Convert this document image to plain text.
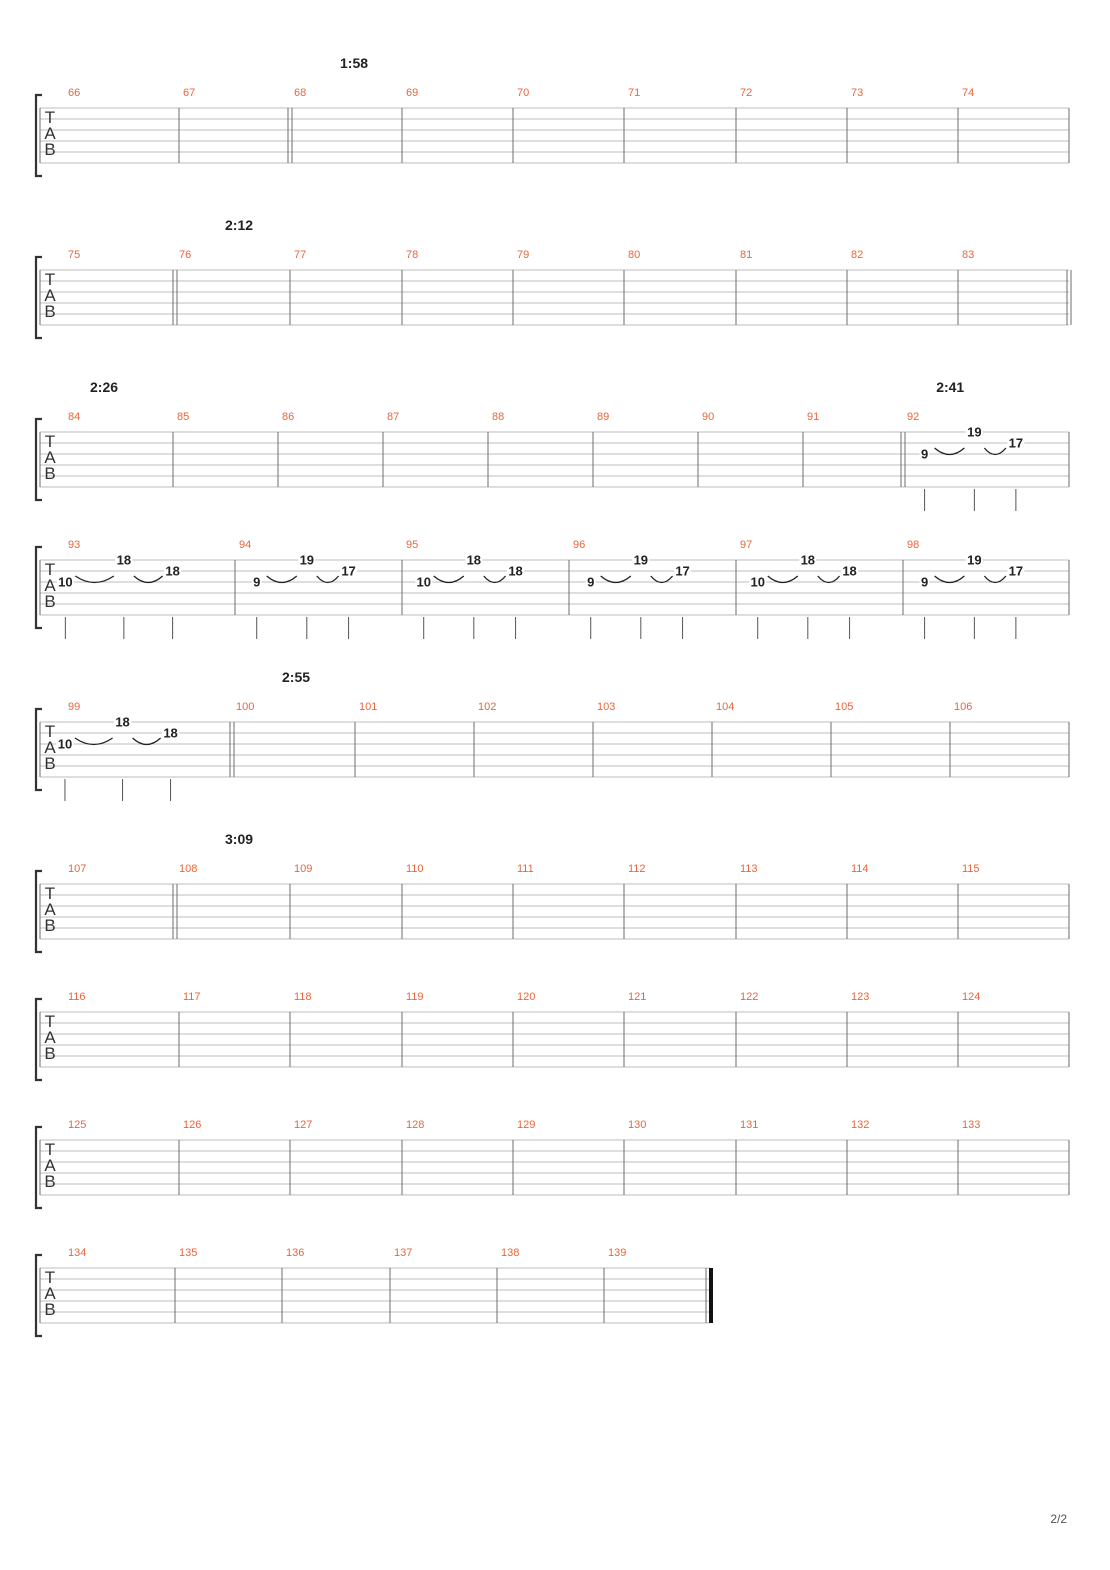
T
A
B
66	67	68
1:58
69	70	71	72	73	74
T
A
B
75	76
2:12
77	78	79	80	81	82	83
T
A
B
84
2:26
85	86	87	88	89	90	91	92
2:41
9
19
17
T
A
B
93
10
18
18
94
9
19
17
95
10
18
18
96
9
19
17
97
10
18
18
98
9
19
17
T
A
B
99
10
18
18
100
2:55
101	102	103	104	105	106
T
A
B
107	108
3:09
109	110	111	112	113	114	115
T
A
B
116	117	118	119	120	121	122	123	124
T
A
B
125	126	127	128	129	130	131	132	133
T
A
B
134	135	136	137	138	139
2/2
